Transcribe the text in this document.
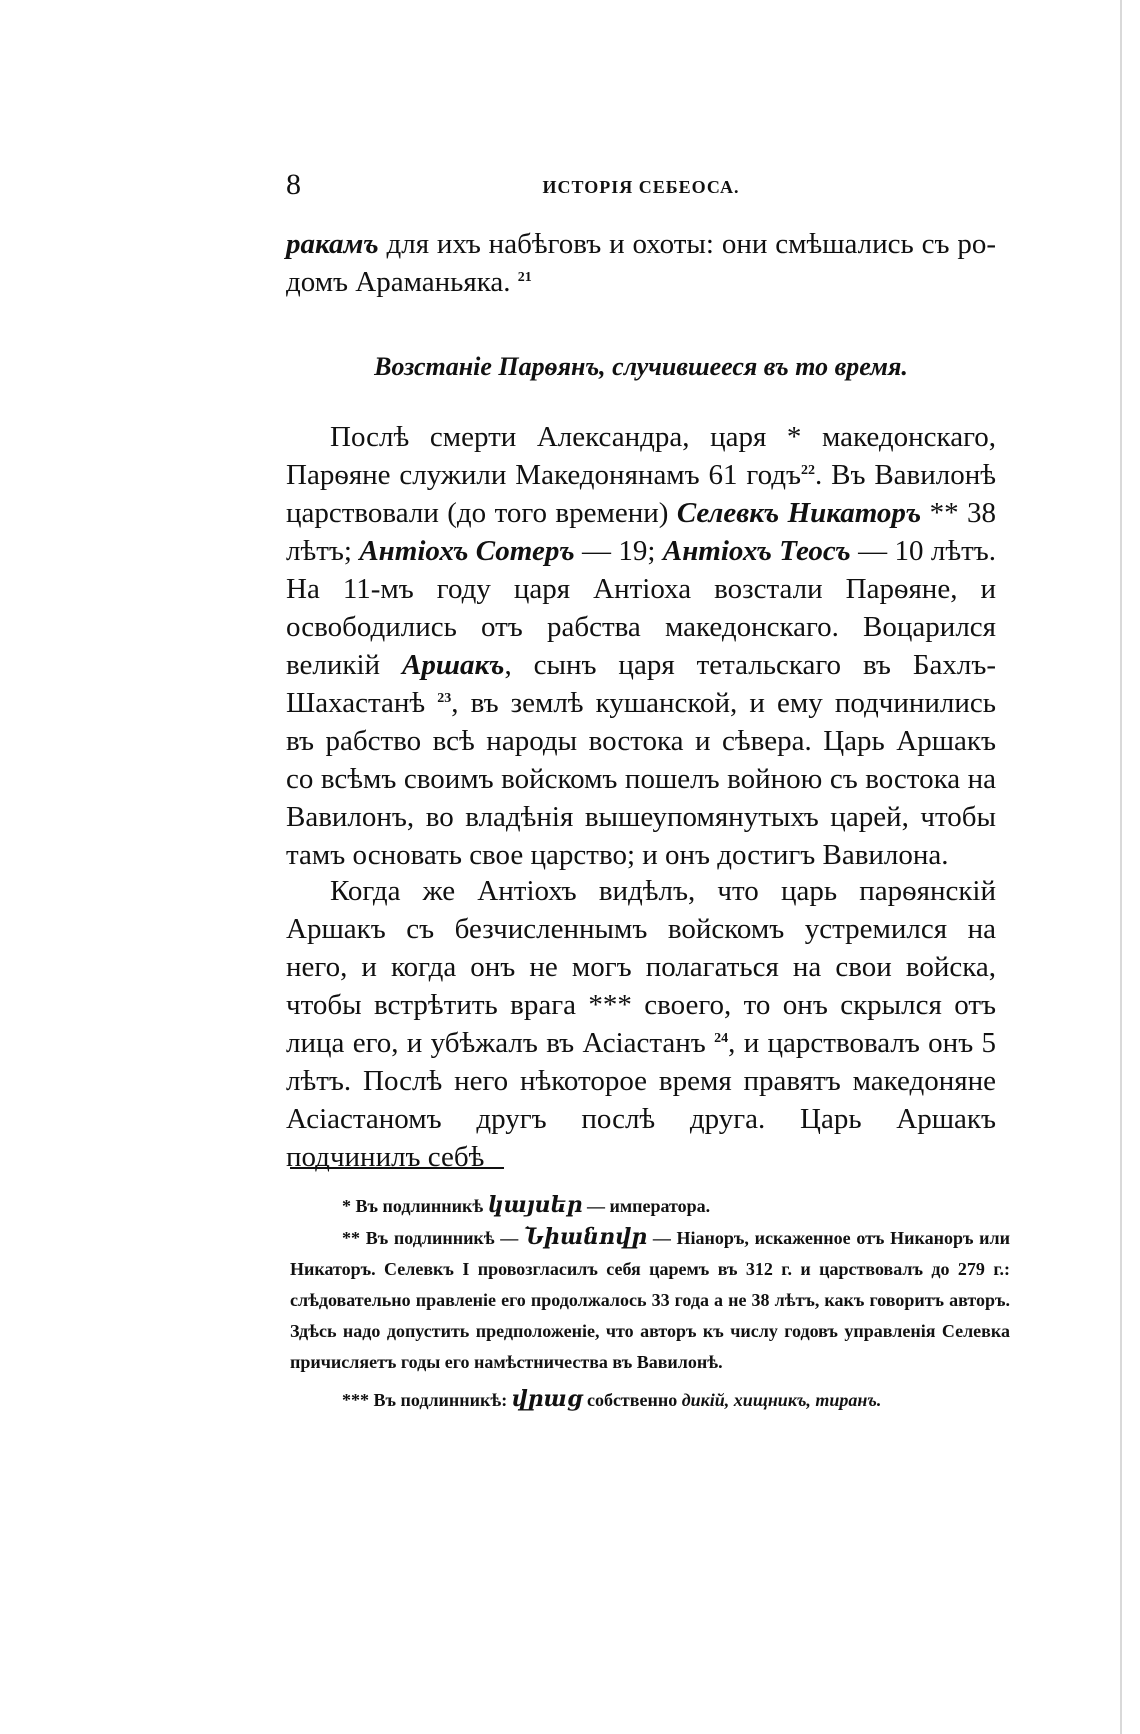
8	ИСТОРІЯ СЕБЕОСА.
ракамъ для ихъ набѣговъ и охоты: они смѣшались съ ро-
домъ Араманьяка. $^{21}$
Возстаніе Парѳянъ, случившееся въ то время.
Послѣ смерти Александра, царя * македонскаго, Парѳяне служили Македонянамъ 61 годъ$^{22}$. Въ Вавилонѣ царствовали (до того времени) Селевкъ Никаторъ ** 38 лѣтъ; Антіохъ Сотеръ — 19; Антіохъ Теосъ — 10 лѣтъ. На 11-мъ году царя Антіоха возстали Парѳяне, и освободились отъ рабства македонскаго. Воцарился великій Аршакъ, сынъ царя тетальскаго въ Бахлъ-Шахастанѣ $^{23}$, въ землѣ кушанской, и ему подчинились въ рабство всѣ народы востока и сѣвера. Царь Аршакъ со всѣмъ своимъ войскомъ пошелъ войною съ востока на Вавилонъ, во владѣнія вышеупомянутыхъ царей, чтобы тамъ основать свое царство; и онъ достигъ Вавилона.
Когда же Антіохъ видѣлъ, что царь парѳянскій Аршакъ съ безчисленнымъ войскомъ устремился на него, и когда онъ не могъ полагаться на свои войска, чтобы встрѣтить врага *** своего, то онъ скрылся отъ лица его, и убѣжалъ въ Асіастанъ $^{24}$, и царствовалъ онъ 5 лѣтъ. Послѣ него нѣкоторое время правятъ македоняне Асіастаномъ другъ послѣ друга. Царь Аршакъ подчинилъ себѣ
* Въ подлинникѣ կայսեր — императора.
** Въ подлинникѣ — Նիանովր — Ніаноръ, искаженное отъ Никаноръ или Никаторъ. Селевкъ I провозгласилъ себя царемъ въ 312 г. и царствовалъ до 279 г.: слѣдовательно правленіе его продолжалось 33 года а не 38 лѣтъ, какъ говоритъ авторъ. Здѣсь надо допустить предположеніе, что авторъ къ числу годовъ управленія Селевка причисляетъ годы его намѣстничества въ Вавилонѣ.
*** Въ подлинникѣ: վրաց собственно дикій, хищникъ, тиранъ.
